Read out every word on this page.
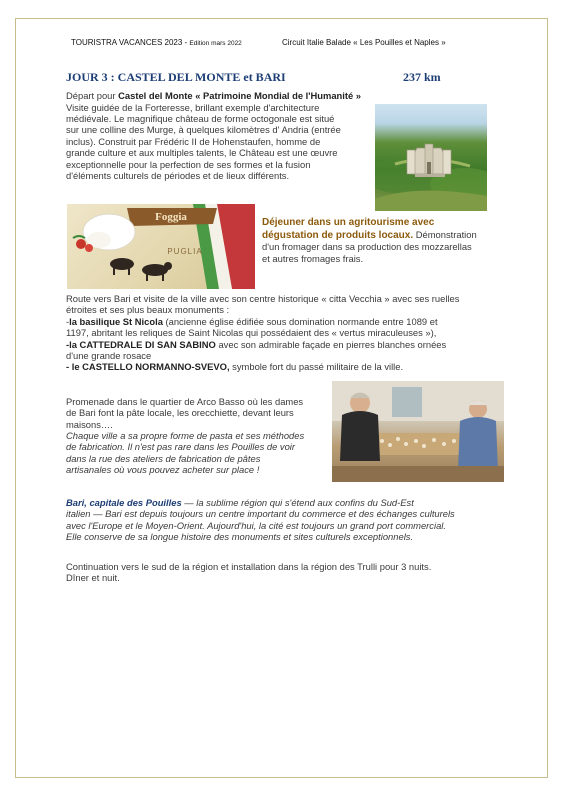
TOURISTRA VACANCES 2023 - Edition mars 2022	Circuit Italie Balade « Les Pouilles et Naples »
JOUR 3 : CASTEL DEL MONTE et BARI	237 km
Départ pour Castel del Monte « Patrimoine Mondial de l'Humanité »
Visite guidée de la Forteresse, brillant exemple d'architecture
médiévale. Le magnifique château de forme octogonale est situé
sur une colline des Murge, à quelques kilomètres d' Andria (entrée
inclus). Construit par Frédéric II de Hohenstaufen, homme de
grande culture et aux multiples talents, le Château est une œuvre
exceptionnelle pour la perfection de ses formes et la fusion
d'éléments culturels de périodes et de lieux différents.
Foggia
PUGLIA
Déjeuner dans un agritourisme avec
dégustation de produits locaux. Démonstration
d'un fromager dans sa production des mozzarellas
et autres fromages frais.
Route vers Bari et visite de la ville avec son centre historique « citta Vecchia » avec ses ruelles
étroites et ses plus beaux monuments :
-la basilique St Nicola (ancienne église édifiée sous domination normande entre 1089 et
1197, abritant les reliques de Saint Nicolas qui possédaient des « vertus miraculeuses »),
-la CATTEDRALE DI SAN SABINO avec son admirable façade en pierres blanches ornées
d'une grande rosace
- le CASTELLO NORMANNO-SVEVO, symbole fort du passé militaire de la ville.
Promenade dans le quartier de Arco Basso où les dames
de Bari font la pâte locale, les orecchiette, devant leurs
maisons….
Chaque ville a sa propre forme de pasta et ses méthodes
de fabrication. Il n'est pas rare dans les Pouilles de voir
dans la rue des ateliers de fabrication de pâtes
artisanales où vous pouvez acheter sur place !
Bari, capitale des Pouilles — la sublime région qui s'étend aux confins du Sud-Est
italien — Bari est depuis toujours un centre important du commerce et des échanges culturels
avec l'Europe et le Moyen-Orient. Aujourd'hui, la cité est toujours un grand port commercial.
Elle conserve de sa longue histoire des monuments et sites culturels exceptionnels.
Continuation vers le sud de la région et installation dans la région des Trulli pour 3 nuits.
Dîner et nuit.
